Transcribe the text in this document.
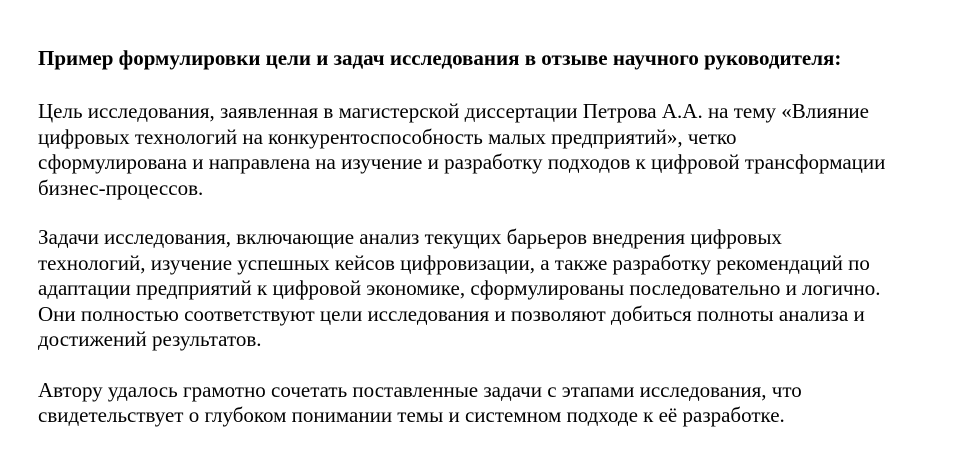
Пример формулировки цели и задач исследования в отзыве научного руководителя:

Цель исследования, заявленная в магистерской диссертации Петрова А.А. на тему «Влияние
цифровых технологий на конкурентоспособность малых предприятий», четко
сформулирована и направлена на изучение и разработку подходов к цифровой трансформации
бизнес-процессов.

Задачи исследования, включающие анализ текущих барьеров внедрения цифровых
технологий, изучение успешных кейсов цифровизации, а также разработку рекомендаций по
адаптации предприятий к цифровой экономике, сформулированы последовательно и логично.
Они полностью соответствуют цели исследования и позволяют добиться полноты анализа и
достижений результатов.

Автору удалось грамотно сочетать поставленные задачи с этапами исследования, что
свидетельствует о глубоком понимании темы и системном подходе к её разработке.
